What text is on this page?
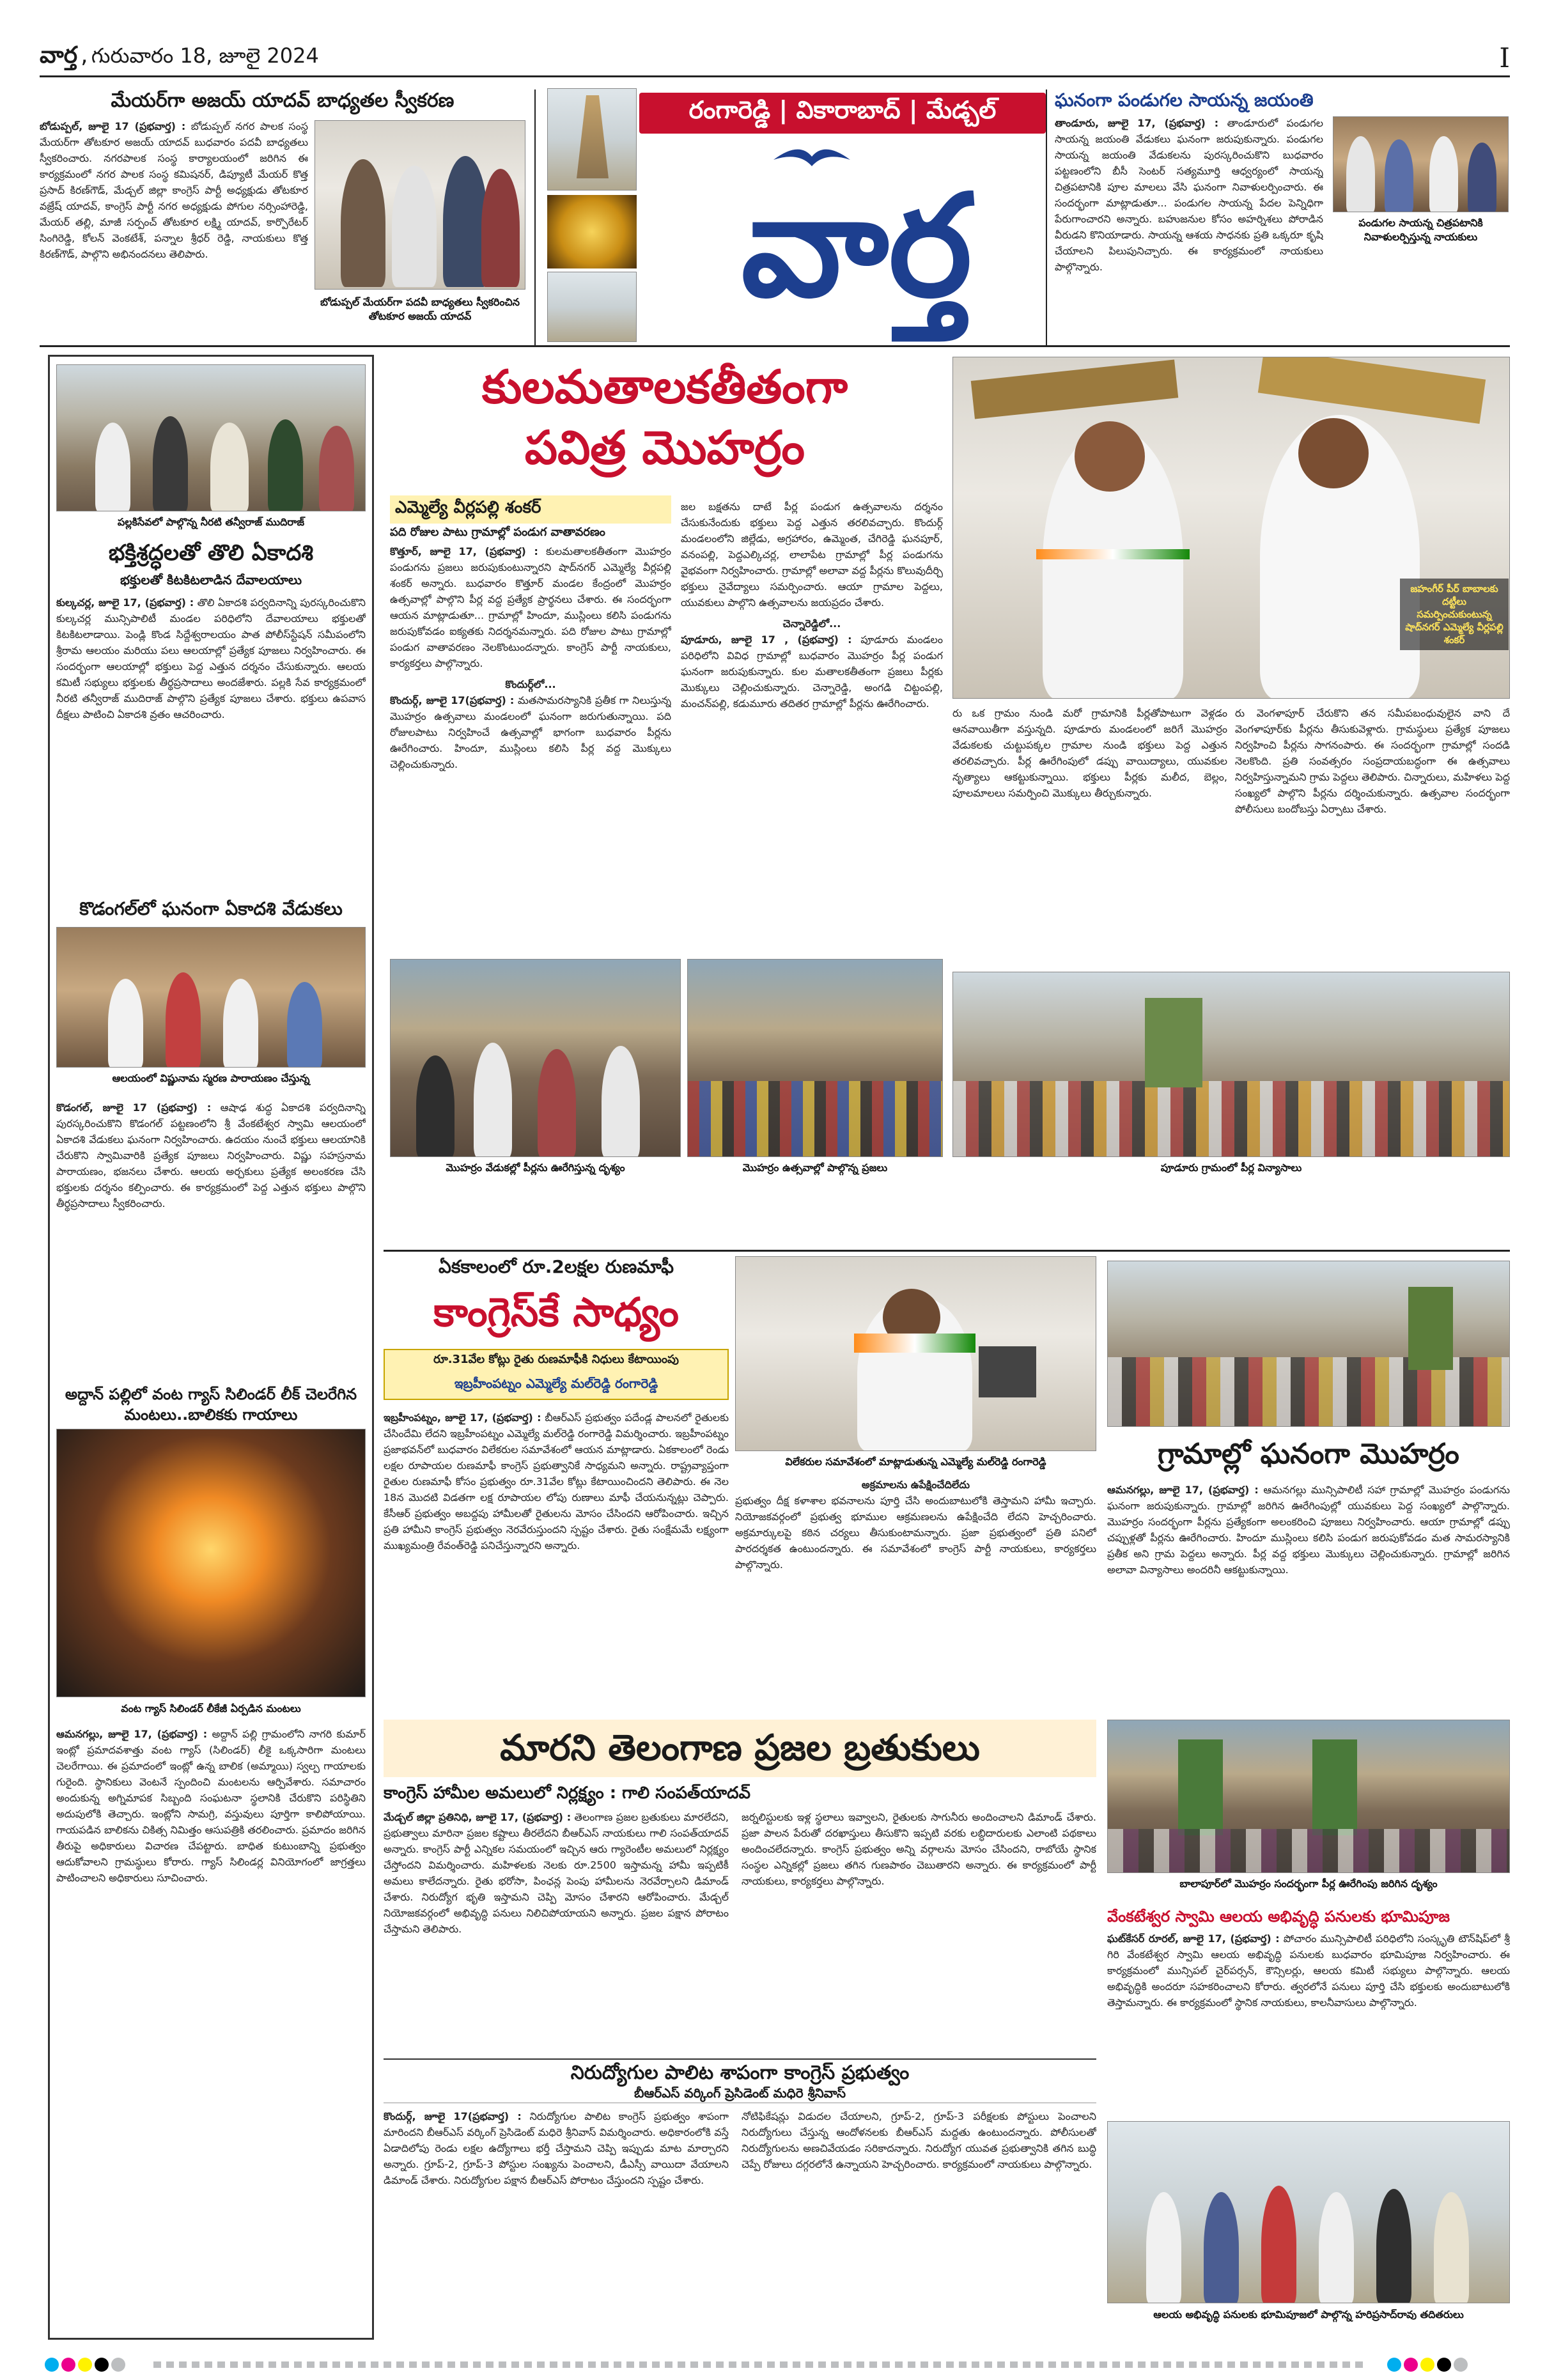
వార్త , గురువారం 18, జూలై 2024	I
మేయర్‌గా అజయ్ యాదవ్ బాధ్యతల స్వీకరణ
బోడుప్పల్, జూలై 17 (ప్రభవార్త) : బోడుప్పల్ నగర పాలక సంస్థ మేయర్‌గా తోటకూర అజయ్ యాదవ్ బుధవారం పదవీ బాధ్యతలు స్వీకరించారు. నగరపాలక సంస్థ కార్యాలయంలో జరిగిన ఈ కార్యక్రమంలో నగర పాలక సంస్థ కమిషనర్, డిప్యూటీ మేయర్ కొత్త ప్రసాద్ కిరణ్‌గౌడ్, మేడ్చల్ జిల్లా కాంగ్రెస్ పార్టీ అధ్యక్షుడు తోటకూర వజ్రేష్ యాదవ్, కాంగ్రెస్ పార్టీ నగర అధ్యక్షుడు పోగుల నర్సింహారెడ్డి, మేయర్ తల్లి, మాజీ సర్పంచ్ తోటకూర లక్ష్మి యాదవ్, కార్పొరేటర్ సింగిరెడ్డి, కోలన్ వెంకటేశ్, పన్నాల శ్రీధర్ రెడ్డి, నాయకులు కొత్త కిరణ్‌గౌడ్, పాల్గొని అభినందనలు తెలిపారు.
బోడుప్పల్ మేయర్‌గా పదవీ బాధ్యతలు స్వీకరించిన తోటకూర అజయ్ యాదవ్
రంగారెడ్డి | వికారాబాద్ | మేడ్చల్
వార్త
ఘనంగా పండుగల సాయన్న జయంతి
తాండూరు, జూలై 17, (ప్రభవార్త) : తాండూరులో పండుగల సాయన్న జయంతి వేడుకలు ఘనంగా జరుపుకున్నారు. పండుగల సాయన్న జయంతి వేడుకలను పురస్కరించుకొని బుధవారం పట్టణంలోని బీసీ సెంటర్ సత్యమూర్తి ఆధ్వర్యంలో సాయన్న చిత్రపటానికి పూల మాలలు వేసి ఘనంగా నివాళులర్పించారు. ఈ సందర్భంగా మాట్లాడుతూ... పండుగల సాయన్న పేదల పెన్నిధిగా పేరుగాంచారని అన్నారు. బహుజనుల కోసం అహర్నిశలు పోరాడిన వీరుడని కొనియాడారు. సాయన్న ఆశయ సాధనకు ప్రతి ఒక్కరూ కృషి చేయాలని పిలుపునిచ్చారు. ఈ కార్యక్రమంలో నాయకులు పాల్గొన్నారు.
పండుగల సాయన్న చిత్రపటానికి నివాళులర్పిస్తున్న నాయకులు
పల్లకిసేవలో పాల్గొన్న నీరటి తన్వీరాజ్ ముదిరాజ్
భక్తిశ్రద్ధలతో తొలి ఏకాదశి
భక్తులతో కిటకిటలాడిన దేవాలయాలు
కుల్కచర్ల, జూలై 17, (ప్రభవార్త) : తొలి ఏకాదశి పర్వదినాన్ని పురస్కరించుకొని కుల్కచర్ల మున్సిపాలిటీ మండల పరిధిలోని దేవాలయాలు భక్తులతో కిటకిటలాడాయి. పెండ్లి కొండ సిద్దేశ్వరాలయం పాత పోలీస్‌స్టేషన్ సమీపంలోని శ్రీరామ ఆలయం మరియు పలు ఆలయాల్లో ప్రత్యేక పూజలు నిర్వహించారు. ఈ సందర్భంగా ఆలయాల్లో భక్తులు పెద్ద ఎత్తున దర్శనం చేసుకున్నారు. ఆలయ కమిటీ సభ్యులు భక్తులకు తీర్థప్రసాదాలు అందజేశారు. పల్లకి సేవ కార్యక్రమంలో నీరటి తన్వీరాజ్ ముదిరాజ్ పాల్గొని ప్రత్యేక పూజలు చేశారు. భక్తులు ఉపవాస దీక్షలు పాటించి ఏకాదశి వ్రతం ఆచరించారు.
కొడంగల్‌లో ఘనంగా ఏకాదశి వేడుకలు
ఆలయంలో విష్ణునామ స్మరణ పారాయణం చేస్తున్న
కొడంగల్, జూలై 17 (ప్రభవార్త) : ఆషాఢ శుద్ధ ఏకాదశి పర్వదినాన్ని పురస్కరించుకొని కొడంగల్ పట్టణంలోని శ్రీ వేంకటేశ్వర స్వామి ఆలయంలో ఏకాదశి వేడుకలు ఘనంగా నిర్వహించారు. ఉదయం నుంచే భక్తులు ఆలయానికి చేరుకొని స్వామివారికి ప్రత్యేక పూజలు నిర్వహించారు. విష్ణు సహస్రనామ పారాయణం, భజనలు చేశారు. ఆలయ అర్చకులు ప్రత్యేక అలంకరణ చేసి భక్తులకు దర్శనం కల్పించారు. ఈ కార్యక్రమంలో పెద్ద ఎత్తున భక్తులు పాల్గొని తీర్థప్రసాదాలు స్వీకరించారు.
అద్దాన్ పల్లిలో వంట గ్యాస్ సిలిండర్ లీక్ చెలరేగిన మంటలు..బాలికకు గాయాలు
వంట గ్యాస్ సిలిండర్ లీకేజీ ఏర్పడిన మంటలు
ఆమనగల్లు, జూలై 17, (ప్రభవార్త) : అద్దాన్ పల్లి గ్రామంలోని నాగరి కుమార్ ఇంట్లో ప్రమాదవశాత్తు వంట గ్యాస్ (సిలిండర్) లీకై ఒక్కసారిగా మంటలు చెలరేగాయి. ఈ ప్రమాదంలో ఇంట్లో ఉన్న బాలిక (అమ్మాయి) స్వల్ప గాయాలకు గురైంది. స్థానికులు వెంటనే స్పందించి మంటలను ఆర్పివేశారు. సమాచారం అందుకున్న అగ్నిమాపక సిబ్బంది సంఘటనా స్థలానికి చేరుకొని పరిస్థితిని అదుపులోకి తెచ్చారు. ఇంట్లోని సామగ్రి, వస్తువులు పూర్తిగా కాలిపోయాయి. గాయపడిన బాలికను చికిత్స నిమిత్తం ఆసుపత్రికి తరలించారు. ప్రమాదం జరిగిన తీరుపై అధికారులు విచారణ చేపట్టారు. బాధిత కుటుంబాన్ని ప్రభుత్వం ఆదుకోవాలని గ్రామస్థులు కోరారు. గ్యాస్ సిలిండర్ల వినియోగంలో జాగ్రత్తలు పాటించాలని అధికారులు సూచించారు.
కులమతాలకతీతంగా
పవిత్ర మొహర్రం
ఎమ్మెల్యే వీర్లపల్లి శంకర్
పది రోజుల పాటు గ్రామాల్లో పండుగ వాతావరణం
కొత్తూర్, జూలై 17, (ప్రభవార్త) : కులమతాలకతీతంగా మొహర్రం పండుగను ప్రజలు జరుపుకుంటున్నారని షాద్‌నగర్ ఎమ్మెల్యే వీర్లపల్లి శంకర్ అన్నారు. బుధవారం కొత్తూర్ మండల కేంద్రంలో మొహర్రం ఉత్సవాల్లో పాల్గొని పీర్ల వద్ద ప్రత్యేక ప్రార్థనలు చేశారు. ఈ సందర్భంగా ఆయన మాట్లాడుతూ... గ్రామాల్లో హిందూ, ముస్లింలు కలిసి పండుగను జరుపుకోవడం ఐక్యతకు నిదర్శనమన్నారు. పది రోజుల పాటు గ్రామాల్లో పండుగ వాతావరణం నెలకొంటుందన్నారు. కాంగ్రెస్ పార్టీ నాయకులు, కార్యకర్తలు పాల్గొన్నారు.
కొందుర్గ్‌లో...
కొందుర్గ్, జూలై 17(ప్రభవార్త) : మతసామరస్యానికి ప్రతీక గా నిలుస్తున్న మొహర్రం ఉత్సవాలు మండలంలో ఘనంగా జరుగుతున్నాయి. పది రోజులపాటు నిర్వహించే ఉత్సవాల్లో భాగంగా బుధవారం పీర్లను ఊరేగించారు. హిందూ, ముస్లింలు కలిసి పీర్ల వద్ద మొక్కులు చెల్లించుకున్నారు.
జల బక్షతను దాటే పీర్ల పండుగ ఉత్సవాలను దర్శనం చేసుకునేందుకు భక్తులు పెద్ద ఎత్తున తరలివచ్చారు. కొందుర్గ్ మండలంలోని జిల్లేడు, అగ్రహారం, ఉమ్మెంత, చేగిరెడ్డి ఘనపూర్, వనంపల్లి, పెద్దఎల్కిచర్ల, లాలాపేట గ్రామాల్లో పీర్ల పండుగను వైభవంగా నిర్వహించారు. గ్రామాల్లో అలావా వద్ద పీర్లను కొలువుదీర్చి భక్తులు నైవేద్యాలు సమర్పించారు. ఆయా గ్రామాల పెద్దలు, యువకులు పాల్గొని ఉత్సవాలను జయప్రదం చేశారు.
చెన్నారెడ్డిలో...
పూడూరు, జూలై 17 , (ప్రభవార్త) : పూడూరు మండలం పరిధిలోని వివిధ గ్రామాల్లో బుధవారం మొహర్రం పీర్ల పండుగ ఘనంగా జరుపుకున్నారు. కుల మతాలకతీతంగా ప్రజలు పీర్లకు మొక్కులు చెల్లించుకున్నారు. చెన్నారెడ్డి, అంగడి చిట్టంపల్లి, మంచన్‌పల్లి, కడుమూరు తదితర గ్రామాల్లో పీర్లను ఊరేగించారు.
జహంగీర్ పీర్ బాబాలకు దట్టీలు సమర్పించుకుంటున్న షాద్‌నగర్ ఎమ్మెల్యే వీర్లపల్లి శంకర్
రు ఒక గ్రామం నుండి మరో గ్రామానికి పీర్లతోపాటుగా వెళ్లడం ఆనవాయితీగా వస్తున్నది. పూడూరు మండలంలో జరిగే మొహర్రం వేడుకలకు చుట్టుపక్కల గ్రామాల నుండి భక్తులు పెద్ద ఎత్తున తరలివచ్చారు. పీర్ల ఊరేగింపులో డప్పు వాయిద్యాలు, యువకుల నృత్యాలు ఆకట్టుకున్నాయి. భక్తులు పీర్లకు మలీద, బెల్లం, పూలమాలలు సమర్పించి మొక్కులు తీర్చుకున్నారు.
రు వెంగళాపూర్ చేరుకొని తన సమీపబంధువులైన వాని దే వెంగళాపూర్‌కు పీర్లను తీసుకువెళ్లారు. గ్రామస్థులు ప్రత్యేక పూజలు నిర్వహించి పీర్లను సాగనంపారు. ఈ సందర్భంగా గ్రామాల్లో సందడి నెలకొంది. ప్రతి సంవత్సరం సంప్రదాయబద్ధంగా ఈ ఉత్సవాలు నిర్వహిస్తున్నామని గ్రామ పెద్దలు తెలిపారు. చిన్నారులు, మహిళలు పెద్ద సంఖ్యలో పాల్గొని పీర్లను దర్శించుకున్నారు. ఉత్సవాల సందర్భంగా పోలీసులు బందోబస్తు ఏర్పాటు చేశారు.
మొహర్రం వేడుకల్లో పీర్లను ఊరేగిస్తున్న దృశ్యం	మొహర్రం ఉత్సవాల్లో పాల్గొన్న ప్రజలు	పూడూరు గ్రామంలో పీర్ల విన్యాసాలు
ఏకకాలంలో రూ.2లక్షల రుణమాఫీ
కాంగ్రెస్‌కే సాధ్యం
రూ.31వేల కోట్లు రైతు రుణమాఫీకి నిధులు కేటాయింపు
ఇబ్రహీంపట్నం ఎమ్మెల్యే మల్‌రెడ్డి రంగారెడ్డి
ఇబ్రహీంపట్నం, జూలై 17, (ప్రభవార్త) : బీఆర్ఎస్ ప్రభుత్వం పదేండ్ల పాలనలో రైతులకు చేసిందేమి లేదని ఇబ్రహీంపట్నం ఎమ్మెల్యే మల్‌రెడ్డి రంగారెడ్డి విమర్శించారు. ఇబ్రహీంపట్నం ప్రజాభవన్‌లో బుధవారం విలేకరుల సమావేశంలో ఆయన మాట్లాడారు. ఏకకాలంలో రెండు లక్షల రూపాయల రుణమాఫీ కాంగ్రెస్ ప్రభుత్వానికే సాధ్యమని అన్నారు. రాష్ట్రవ్యాప్తంగా రైతుల రుణమాఫీ కోసం ప్రభుత్వం రూ.31వేల కోట్లు కేటాయించిందని తెలిపారు. ఈ నెల 18న మొదటి విడతగా లక్ష రూపాయల లోపు రుణాలు మాఫీ చేయనున్నట్లు చెప్పారు. కేసీఆర్ ప్రభుత్వం అబద్దపు హామీలతో రైతులను మోసం చేసిందని ఆరోపించారు. ఇచ్చిన ప్రతి హామీని కాంగ్రెస్ ప్రభుత్వం నెరవేరుస్తుందని స్పష్టం చేశారు. రైతు సంక్షేమమే లక్ష్యంగా ముఖ్యమంత్రి రేవంత్‌రెడ్డి పనిచేస్తున్నారని అన్నారు.
విలేకరుల సమావేశంలో మాట్లాడుతున్న ఎమ్మెల్యే మల్‌రెడ్డి రంగారెడ్డి
అక్రమాలను ఉపేక్షించేదిలేదు
ప్రభుత్వం దీక్ష కళాశాల భవనాలను పూర్తి చేసి అందుబాటులోకి తెస్తామని హామీ ఇచ్చారు. నియోజకవర్గంలో ప్రభుత్వ భూముల ఆక్రమణలను ఉపేక్షించేది లేదని హెచ్చరించారు. అక్రమార్కులపై కఠిన చర్యలు తీసుకుంటామన్నారు. ప్రజా ప్రభుత్వంలో ప్రతి పనిలో పారదర్శకత ఉంటుందన్నారు. ఈ సమావేశంలో కాంగ్రెస్ పార్టీ నాయకులు, కార్యకర్తలు పాల్గొన్నారు.
గ్రామాల్లో ఘనంగా మొహర్రం
ఆమనగల్లు, జూలై 17, (ప్రభవార్త) : ఆమనగల్లు మున్సిపాలిటీ సహా గ్రామాల్లో మొహర్రం పండుగను ఘనంగా జరుపుకున్నారు. గ్రామాల్లో జరిగిన ఊరేగింపుల్లో యువకులు పెద్ద సంఖ్యలో పాల్గొన్నారు. మొహర్రం సందర్భంగా పీర్లను ప్రత్యేకంగా అలంకరించి పూజలు నిర్వహించారు. ఆయా గ్రామాల్లో డప్పు చప్పుళ్లతో పీర్లను ఊరేగించారు. హిందూ ముస్లింలు కలిసి పండుగ జరుపుకోవడం మత సామరస్యానికి ప్రతీక అని గ్రామ పెద్దలు అన్నారు. పీర్ల వద్ద భక్తులు మొక్కులు చెల్లించుకున్నారు. గ్రామాల్లో జరిగిన అలావా విన్యాసాలు అందరినీ ఆకట్టుకున్నాయి.
బాలాపూర్‌లో మొహర్రం సందర్భంగా పీర్ల ఊరేగింపు జరిగిన దృశ్యం
మారని తెలంగాణ ప్రజల బ్రతుకులు
కాంగ్రెస్ హామీల అమలులో నిర్లక్ష్యం : గాలి సంపత్‌యాదవ్
మేడ్చల్ జిల్లా ప్రతినిధి, జూలై 17, (ప్రభవార్త) : తెలంగాణ ప్రజల బ్రతుకులు మారలేదని, ప్రభుత్వాలు మారినా ప్రజల కష్టాలు తీరలేదని బీఆర్ఎస్ నాయకులు గాలి సంపత్‌యాదవ్ అన్నారు. కాంగ్రెస్ పార్టీ ఎన్నికల సమయంలో ఇచ్చిన ఆరు గ్యారెంటీల అమలులో నిర్లక్ష్యం చేస్తోందని విమర్శించారు. మహిళలకు నెలకు రూ.2500 ఇస్తామన్న హామీ ఇప్పటికీ అమలు కాలేదన్నారు. రైతు భరోసా, పింఛన్ల పెంపు హామీలను నెరవేర్చాలని డిమాండ్ చేశారు. నిరుద్యోగ భృతి ఇస్తామని చెప్పి మోసం చేశారని ఆరోపించారు. మేడ్చల్ నియోజకవర్గంలో అభివృద్ధి పనులు నిలిచిపోయాయని అన్నారు. ప్రజల పక్షాన పోరాటం చేస్తామని తెలిపారు.
జర్నలిస్టులకు ఇళ్ల స్థలాలు ఇవ్వాలని, రైతులకు సాగునీరు అందించాలని డిమాండ్ చేశారు. ప్రజా పాలన పేరుతో దరఖాస్తులు తీసుకొని ఇప్పటి వరకు లబ్ధిదారులకు ఎలాంటి పథకాలు అందించలేదన్నారు. కాంగ్రెస్ ప్రభుత్వం అన్ని వర్గాలను మోసం చేసిందని, రాబోయే స్థానిక సంస్థల ఎన్నికల్లో ప్రజలు తగిన గుణపాఠం చెబుతారని అన్నారు. ఈ కార్యక్రమంలో పార్టీ నాయకులు, కార్యకర్తలు పాల్గొన్నారు.
నిరుద్యోగుల పాలిట శాపంగా కాంగ్రెస్ ప్రభుత్వం
బీఆర్ఎస్ వర్కింగ్ ప్రెసిడెంట్ మధిరె శ్రీనివాస్
కొందుర్గ్, జూలై 17(ప్రభవార్త) : నిరుద్యోగుల పాలిట కాంగ్రెస్ ప్రభుత్వం శాపంగా మారిందని బీఆర్ఎస్ వర్కింగ్ ప్రెసిడెంట్ మధిరె శ్రీనివాస్ విమర్శించారు. అధికారంలోకి వస్తే ఏడాదిలోపు రెండు లక్షల ఉద్యోగాలు భర్తీ చేస్తామని చెప్పి ఇప్పుడు మాట మార్చారని అన్నారు. గ్రూప్-2, గ్రూప్-3 పోస్టుల సంఖ్యను పెంచాలని, డీఎస్సీ వాయిదా వేయాలని డిమాండ్ చేశారు. నిరుద్యోగుల పక్షాన బీఆర్ఎస్ పోరాటం చేస్తుందని స్పష్టం చేశారు.
నోటిఫికేషన్లు విడుదల చేయాలని, గ్రూప్-2, గ్రూప్-3 పరీక్షలకు పోస్టులు పెంచాలని నిరుద్యోగులు చేస్తున్న ఆందోళనలకు బీఆర్ఎస్ మద్దతు ఉంటుందన్నారు. పోలీసులతో నిరుద్యోగులను అణచివేయడం సరికాదన్నారు. నిరుద్యోగ యువత ప్రభుత్వానికి తగిన బుద్ధి చెప్పే రోజులు దగ్గరలోనే ఉన్నాయని హెచ్చరించారు. కార్యక్రమంలో నాయకులు పాల్గొన్నారు.
వేంకటేశ్వర స్వామి ఆలయ అభివృద్ధి పనులకు భూమిపూజ
ఘట్‌కేసర్ రూరల్, జూలై 17, (ప్రభవార్త) : పోచారం మున్సిపాలిటీ పరిధిలోని సంస్కృతి టౌన్‌షిప్‌లో శ్రీ గిరి వేంకటేశ్వర స్వామి ఆలయ అభివృద్ధి పనులకు బుధవారం భూమిపూజ నిర్వహించారు. ఈ కార్యక్రమంలో మున్సిపల్ చైర్‌పర్సన్, కౌన్సిలర్లు, ఆలయ కమిటీ సభ్యులు పాల్గొన్నారు. ఆలయ అభివృద్ధికి అందరూ సహకరించాలని కోరారు. త్వరలోనే పనులు పూర్తి చేసి భక్తులకు అందుబాటులోకి తెస్తామన్నారు. ఈ కార్యక్రమంలో స్థానిక నాయకులు, కాలనీవాసులు పాల్గొన్నారు.
ఆలయ అభివృద్ధి పనులకు భూమిపూజలో పాల్గొన్న హరిప్రసాద్‌రావు తదితరులు
